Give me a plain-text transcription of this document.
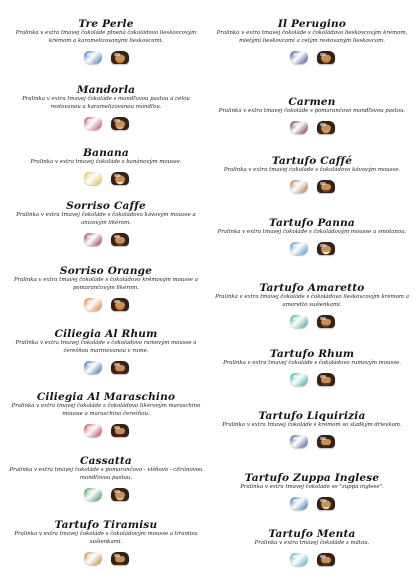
Tre Perle
Pralinka v extra tmavej čokoláde plnená čokoládovo lieskovcovým krémom a karamelizovanými lieskovcami.
Mandorla
Pralinka v extra tmavej čokoláde s mandľovou pastou a celou restovanou a karamelizovanou mandľou.
Banana
Pralinka v extra tmavej čokoláde s banánovým mousse.
Sorriso Caffe
Pralinka v extra tmavej čokoláde s čokoládovo kávovým mousse a anízovým likérom.
Sorriso Orange
Pralinka v extra tmavej čokoláde s čokoládovo krémovým mousse a pomarančovým likérom.
Ciliegia Al Rhum
Pralinka v extra tmavej čokoláde s čokoládovo rumovým mousse a čerešňou marinovanou v rume.
Ciliegia Al Maraschino
Pralinka v extra tmavej čokoláde s čokoládovo likérovým maraschino mousse a maraschino čerešňou.
Cassatta
Pralinka v extra tmavej čokoláde s pomarančovo - višňovo - citrónovou mandľovou pastou.
Tartufo Tiramisu
Pralinka v extra tmavej čokoláde s čokoládovým mousse a tiramisu sušienkami.
Il Perugino
Pralinka v extra tmavej čokoláde s čokoládovo lieskovcovým krémom, mletými lieskovcami a celým restovaným lieskovcom.
Carmen
Pralinka v extra tmavej čokoláde s pomarančovo mandľovou pastou.
Tartufo Caffé
Pralinka v extra tmavej čokoláde s čokoládovo kávovým mousse.
Tartufo Panna
Pralinka v extra tmavej čokoláde s čokoládovým mousse a smotanou.
Tartufo Amaretto
Pralinka v extra tmavej čokoláde s čokoládovo lieskovcovým krémom a amaretto sušienkami.
Tartufo Rhum
Pralinka v extra tmavej čokoláde s čokoládovo rumovým mousse.
Tartufo Liquirizia
Pralinka v extra tmavej čokoláde s krémom so sladkým drievkom.
Tartufo Zuppa Inglese
Pralinka v extra tmavej čokoláde so "zuppa inglese".
Tartufo Menta
Pralinka v extra tmavej čokoláde s mätou.
